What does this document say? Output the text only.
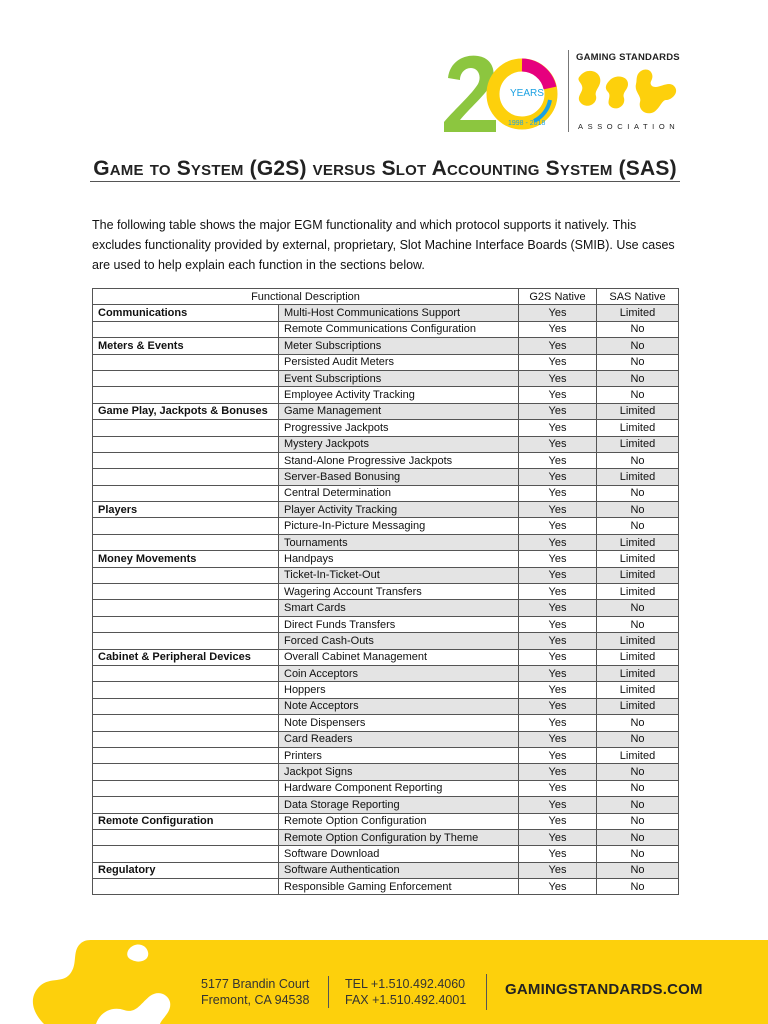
YEARS
1998 - 2018
GAMING STANDARDS
ASSOCIATION
Game to System (G2S) versus Slot Accounting System (SAS)
The following table shows the major EGM functionality and which protocol supports it natively. This excludes functionality provided by external, proprietary, Slot Machine Interface Boards (SMIB). Use cases are used to help explain each function in the sections below.
Functional Description		G2S Native	SAS Native
Communications	Multi-Host Communications Support	Yes	Limited
	Remote Communications Configuration	Yes	No
Meters & Events	Meter Subscriptions	Yes	No
	Persisted Audit Meters	Yes	No
	Event Subscriptions	Yes	No
	Employee Activity Tracking	Yes	No
Game Play, Jackpots & Bonuses	Game Management	Yes	Limited
	Progressive Jackpots	Yes	Limited
	Mystery Jackpots	Yes	Limited
	Stand-Alone Progressive Jackpots	Yes	No
	Server-Based Bonusing	Yes	Limited
	Central Determination	Yes	No
Players	Player Activity Tracking	Yes	No
	Picture-In-Picture Messaging	Yes	No
	Tournaments	Yes	Limited
Money Movements	Handpays	Yes	Limited
	Ticket-In-Ticket-Out	Yes	Limited
	Wagering Account Transfers	Yes	Limited
	Smart Cards	Yes	No
	Direct Funds Transfers	Yes	No
	Forced Cash-Outs	Yes	Limited
Cabinet & Peripheral Devices	Overall Cabinet Management	Yes	Limited
	Coin Acceptors	Yes	Limited
	Hoppers	Yes	Limited
	Note Acceptors	Yes	Limited
	Note Dispensers	Yes	No
	Card Readers	Yes	No
	Printers	Yes	Limited
	Jackpot Signs	Yes	No
	Hardware Component Reporting	Yes	No
	Data Storage Reporting	Yes	No
Remote Configuration	Remote Option Configuration	Yes	No
	Remote Option Configuration by Theme	Yes	No
	Software Download	Yes	No
Regulatory	Software Authentication	Yes	No
	Responsible Gaming Enforcement	Yes	No
5177 Brandin Court
Fremont, CA 94538
TEL +1.510.492.4060
FAX +1.510.492.4001
GAMINGSTANDARDS.COM
